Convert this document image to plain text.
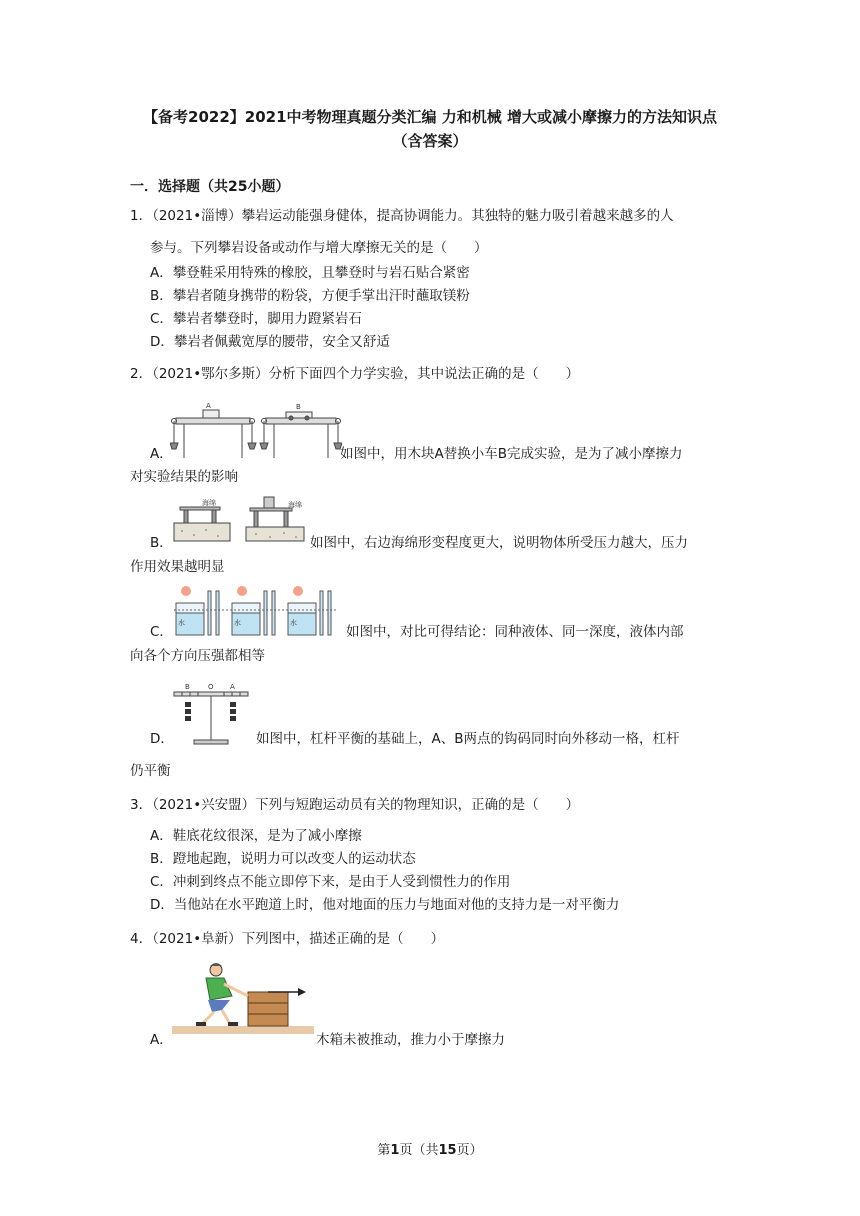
【备考2022】2021中考物理真题分类汇编 力和机械 增大或减小摩擦力的方法知识点
（含答案）
一．选择题（共25小题）
1．（2021•淄博）攀岩运动能强身健体，提高协调能力。其独特的魅力吸引着越来越多的人
参与。下列攀岩设备或动作与增大摩擦无关的是（　　）
A．攀登鞋采用特殊的橡胶，且攀登时与岩石贴合紧密
B．攀岩者随身携带的粉袋，方便手掌出汗时蘸取镁粉
C．攀岩者攀登时，脚用力蹬紧岩石
D．攀岩者佩戴宽厚的腰带，安全又舒适
2．（2021•鄂尔多斯）分析下面四个力学实验，其中说法正确的是（　　）
A	B
A．	如图中，用木块A替换小车B完成实验，是为了减小摩擦力
对实验结果的影响
海绵	海绵
B．	如图中，右边海绵形变程度更大，说明物体所受压力越大，压力
作用效果越明显
水	水	水
C．	如图中，对比可得结论：同种液体、同一深度，液体内部
向各个方向压强都相等
B	O A
D．	如图中，杠杆平衡的基础上，A、B两点的钩码同时向外移动一格，杠杆
仍平衡
3．（2021•兴安盟）下列与短跑运动员有关的物理知识，正确的是（　　）
A．鞋底花纹很深，是为了减小摩擦
B．蹬地起跑，说明力可以改变人的运动状态
C．冲刺到终点不能立即停下来，是由于人受到惯性力的作用
D．当他站在水平跑道上时，他对地面的压力与地面对他的支持力是一对平衡力
4．（2021•阜新）下列图中，描述正确的是（　　）
A．	木箱未被推动，推力小于摩擦力
第1页（共15页）
